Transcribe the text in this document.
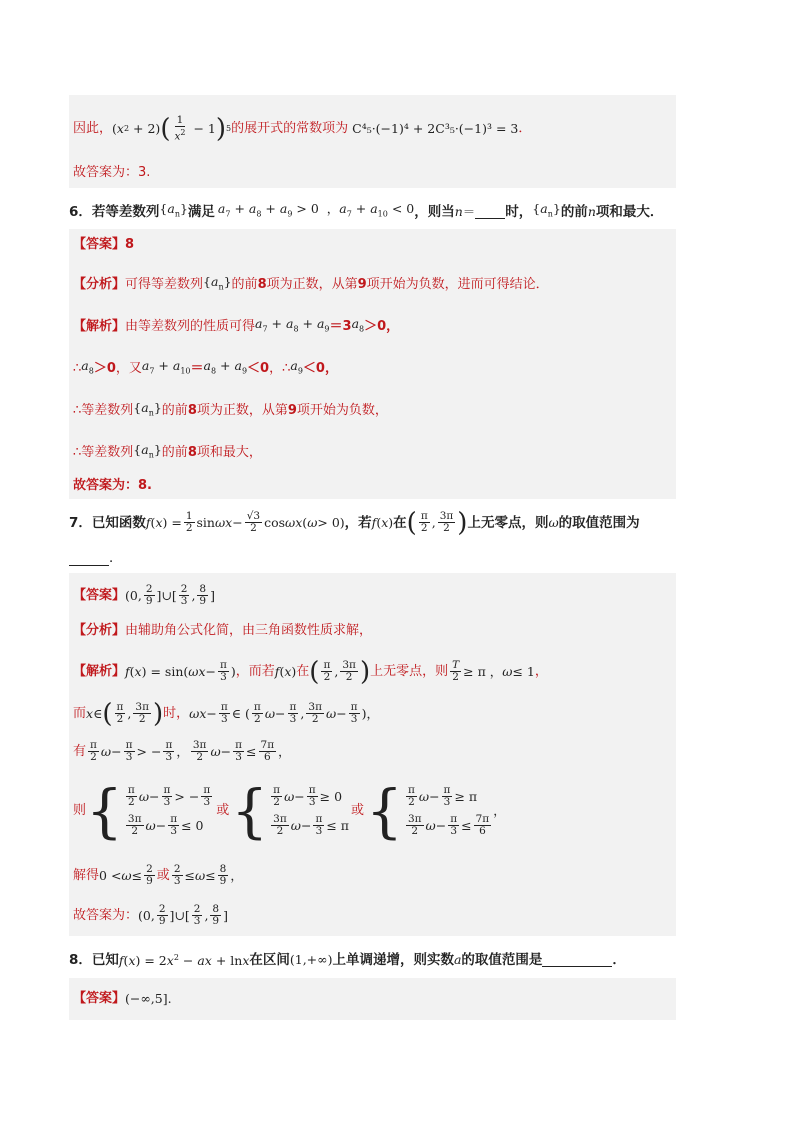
因此， ( x 2 + 2) ( $\frac{1}{x^2} - 1$ ) 5 的展开式的常数项为 C⁴₅·(−1)⁴ + 2C³₅·(−1)³ = 3 ．
故答案为：3.
6． 若等差数列 $\{a_n\}$ 满足 $a_7 + a_8 + a_9 > 0$  ，$a_7 + a_{10} < 0$ ，则当 n＝ 时， $\{a_n\}$ 的前 n 项和最大．
【答案】 8
【分析】 可得等差数列 $\{a_n\}$ 的前 8 项为正数，从第 9 项开始为负数，进而可得结论．
【解析】 由等差数列的性质可得 $a_7 + a_8 + a_9 =3$ $a_8 >0$，
∴ $a_8 >0$ ，又 $a_7 + a_{10} = a_8 + a_9 <0$ ，∴ $a_9 <0$，
∴等差数列 $\{a_n\}$ 的前 8 项为正数，从第 9 项开始为负数，
∴等差数列 $\{a_n\}$ 的前 8 项和最大，
故答案为：8.
7． 已知函数 f ( x ) = $\frac{1}{2}$ $\sin \omega x - \frac{√3}{2}$ cos ωx ( ω > 0) ，若 f(x) 在 ( $\frac{\pi}{2}$ , $\frac{3\pi}{2}$ ) 上无零点，则 ω 的取值范围为
．
【答案】 (0, $\frac{2}{9}$ ]∪[ $\frac{2}{3}$ , $\frac{8}{9}$ ]
【分析】 由辅助角公式化简，由三角函数性质求解，
【解析】 f ( x ) = sin( $\omega x - \frac{\pi}{3}$ ) ，而若 f(x) 在 ( $\frac{\pi}{2}$ , $\frac{3\pi}{2}$ ) 上无零点，则 $\frac{T}{2} \ge \pi$ ， ω ≤ 1 ，
而 x ∈ ( $\frac{\pi}{2}$ , $\frac{3\pi}{2}$ ) 时， $\omega x - \frac{\pi}{3}$ ∈ ( $\frac{\pi}{2}$ $\omega - \frac{\pi}{3}$ , $\frac{3\pi}{2}$ $\omega - \frac{\pi}{3}$ )，
有 $\frac{\pi}{2}$ $\omega - \frac{\pi}{3}$ > − $\frac{\pi}{3}$ ， $\frac{3\pi}{2}$ $\omega - \frac{\pi}{3} \le \frac{7\pi}{6}$ ，
则 { $\frac{\pi}{2}$ $\omega - \frac{\pi}{3}$ > − $\frac{\pi}{3}$
$\frac{3\pi}{2}$ $\omega - \frac{\pi}{3} \le 0$
或 { $\frac{\pi}{2}$ $\omega - \frac{\pi}{3} \ge 0$
$\frac{3\pi}{2}$ $\omega - \frac{\pi}{3} \le \pi$
或 { $\frac{\pi}{2}$ $\omega - \frac{\pi}{3} \ge \pi$
$\frac{3\pi}{2}$ $\omega - \frac{\pi}{3} \le \frac{7\pi}{6}$
，
解得 $0 < \omega \le \frac{2}{9}$ 或 $\frac{2}{3} \le \omega \le \frac{8}{9}$ ，
故答案为： (0, $\frac{2}{9}$ ]∪[ $\frac{2}{3}$ , $\frac{8}{9}$ ]
8． 已知 $f(x) = 2x^2$ − ax + lnx 在区间 (1,+∞) 上单调递增，则实数 a 的取值范围是	．
【答案】 (−∞,5].
